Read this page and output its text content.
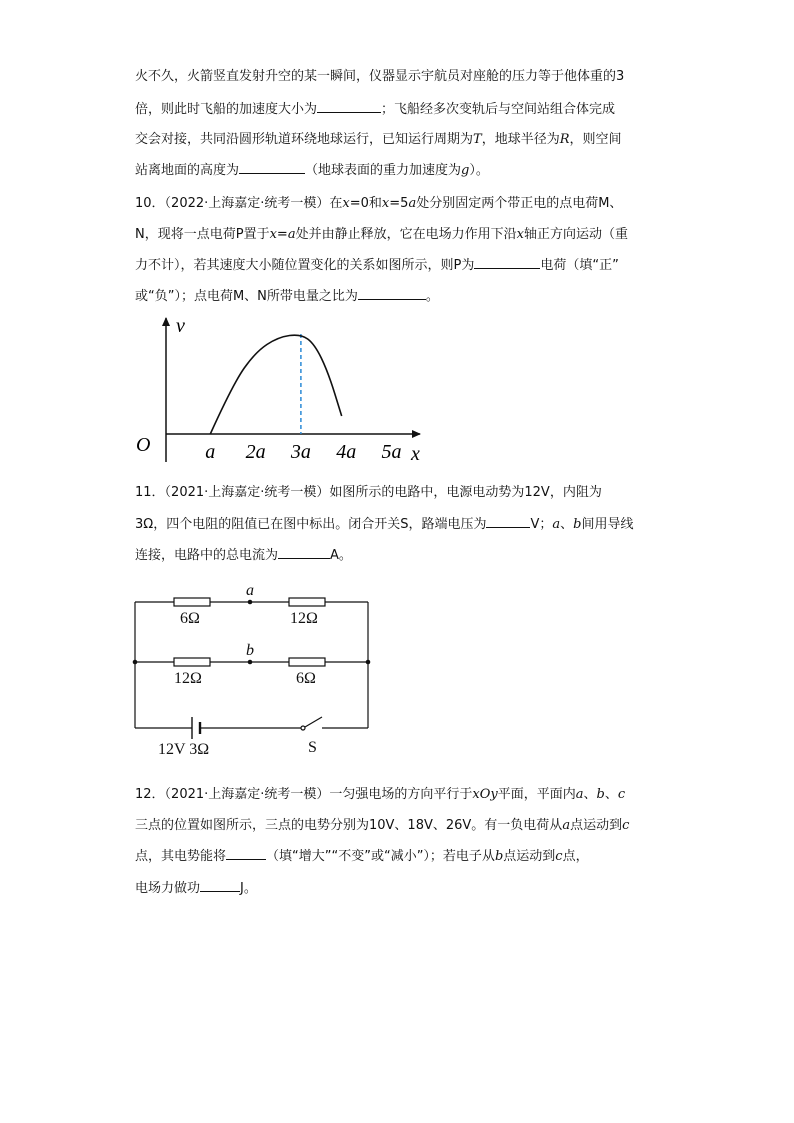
火不久，火箭竖直发射升空的某一瞬间，仪器显示宇航员对座舱的压力等于他体重的3
倍，则此时飞船的加速度大小为	；飞船经多次变轨后与空间站组合体完成
交会对接，共同沿圆形轨道环绕地球运行，已知运行周期为T，地球半径为R，则空间
站离地面的高度为	（地球表面的重力加速度为g）。
10．（2022·上海嘉定·统考一模）在x=0和x=5a处分别固定两个带正电的点电荷M、
N，现将一点电荷P置于x=a处并由静止释放，它在电场力作用下沿x轴正方向运动（重
力不计），若其速度大小随位置变化的关系如图所示，则P为	电荷（填“正”
或“负”）；点电荷M、N所带电量之比为	。
v
x
O	a 2a 3a 4a 5a
11．（2021·上海嘉定·统考一模）如图所示的电路中，电源电动势为12V，内阻为
3Ω，四个电阻的阻值已在图中标出。闭合开关S，路端电压为	V；a、b间用导线
连接，电路中的总电流为	A。
a
b
6Ω	12Ω
12Ω	6Ω
12V 3Ω	S
12．（2021·上海嘉定·统考一模）一匀强电场的方向平行于xOy平面，平面内a、b、c
三点的位置如图所示，三点的电势分别为10V、18V、26V。有一负电荷从a点运动到c
点，其电势能将	（填“增大”“不变”或“减小”）；若电子从b点运动到c点，
电场力做功	J。
